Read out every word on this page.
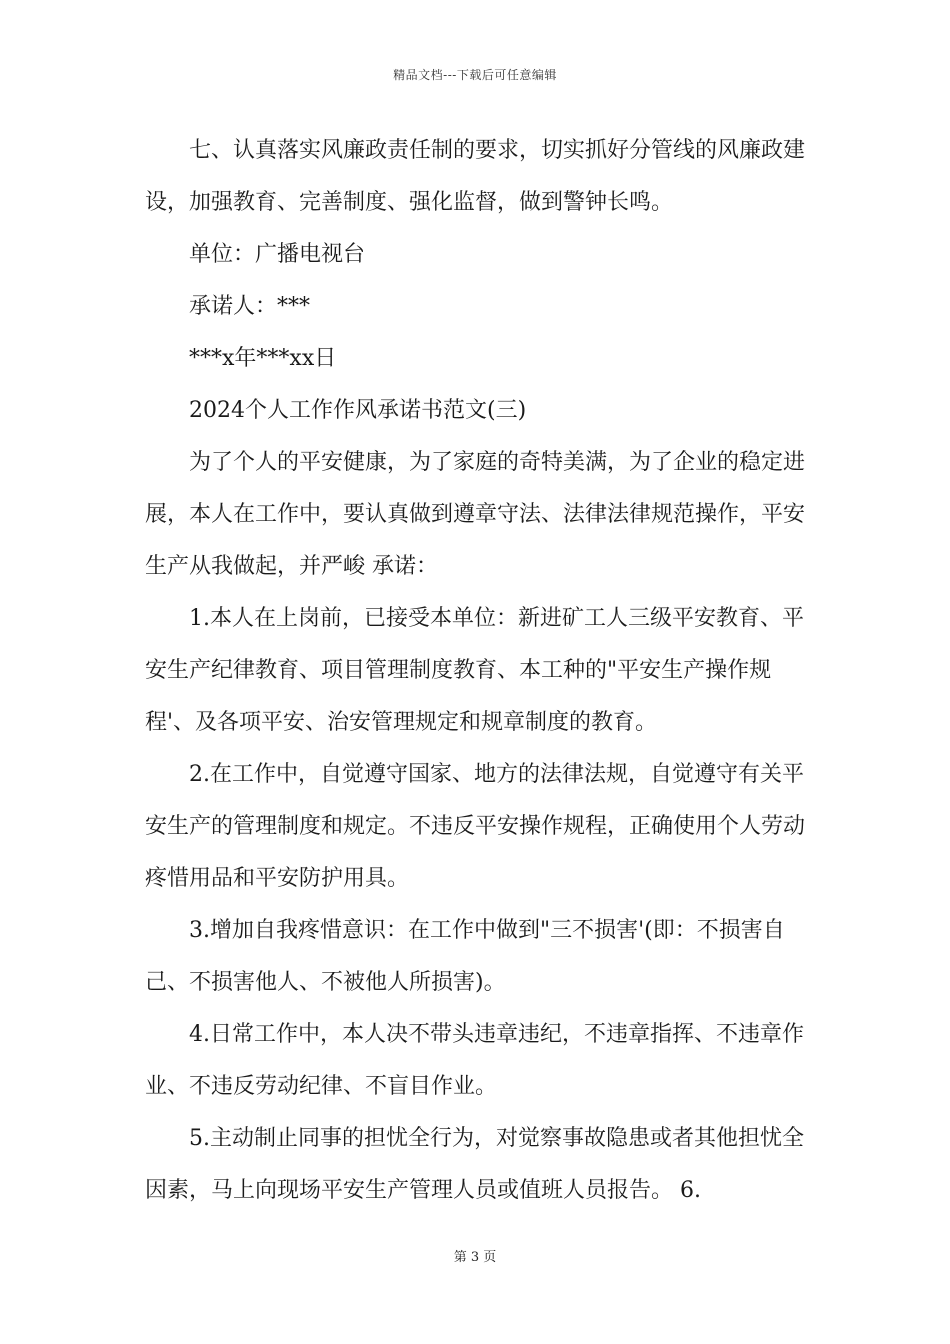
精品文档---下载后可任意编辑

七、认真落实风廉政责任制的要求，切实抓好分管线的风廉政建设，加强教育、完善制度、强化监督，做到警钟长鸣。

单位：广播电视台

承诺人：***

***x年***xx日

2024个人工作作风承诺书范文(三)

为了个人的平安健康，为了家庭的奇特美满，为了企业的稳定进展，本人在工作中，要认真做到遵章守法、法律法律规范操作，平安生产从我做起，并严峻 承诺：

1.本人在上岗前，已接受本单位：新进矿工人三级平安教育、平安生产纪律教育、项目管理制度教育、本工种的"平安生产操作规程'、及各项平安、治安管理规定和规章制度的教育。

2.在工作中，自觉遵守国家、地方的法律法规，自觉遵守有关平安生产的管理制度和规定。不违反平安操作规程，正确使用个人劳动疼惜用品和平安防护用具。

3.增加自我疼惜意识：在工作中做到"三不损害'(即：不损害自己、不损害他人、不被他人所损害)。

4.日常工作中，本人决不带头违章违纪，不违章指挥、不违章作业、不违反劳动纪律、不盲目作业。

5.主动制止同事的担忧全行为，对觉察事故隐患或者其他担忧全因素，马上向现场平安生产管理人员或值班人员报告。 6.

第 3 页
